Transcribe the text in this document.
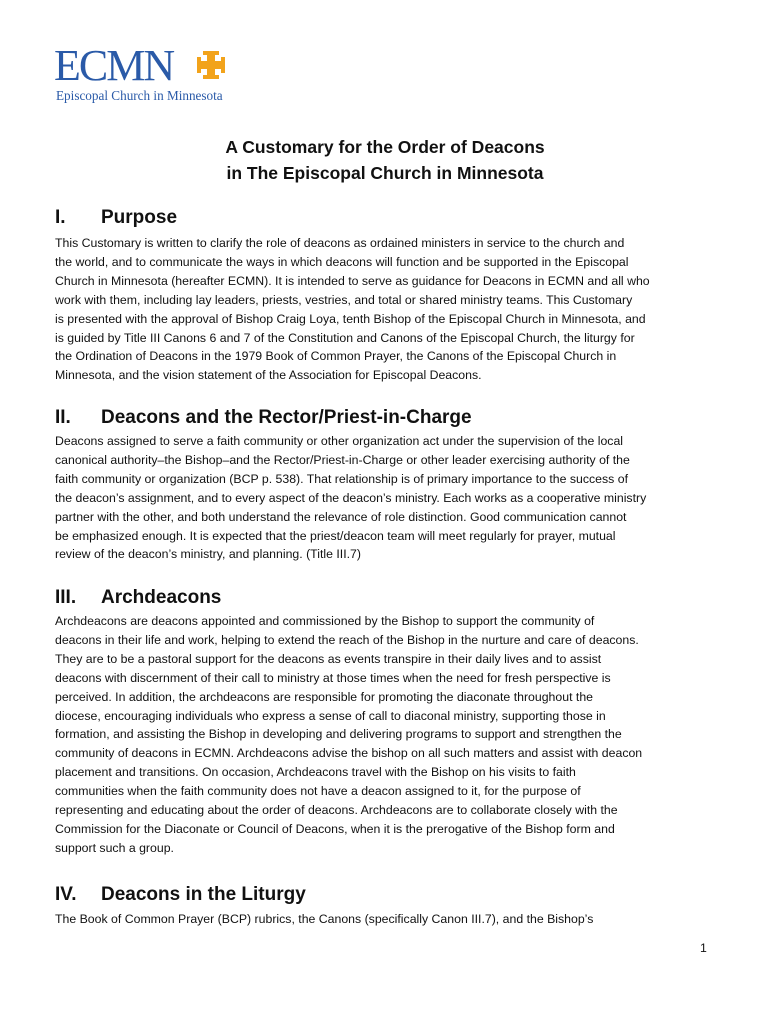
ECMN
Episcopal Church in Minnesota
A Customary for the Order of Deacons
in The Episcopal Church in Minnesota
I. Purpose
This Customary is written to clarify the role of deacons as ordained ministers in service to the church and
the world, and to communicate the ways in which deacons will function and be supported in the Episcopal
Church in Minnesota (hereafter ECMN). It is intended to serve as guidance for Deacons in ECMN and all who
work with them, including lay leaders, priests, vestries, and total or shared ministry teams. This Customary
is presented with the approval of Bishop Craig Loya, tenth Bishop of the Episcopal Church in Minnesota, and
is guided by Title III Canons 6 and 7 of the Constitution and Canons of the Episcopal Church, the liturgy for
the Ordination of Deacons in the 1979 Book of Common Prayer, the Canons of the Episcopal Church in
Minnesota, and the vision statement of the Association for Episcopal Deacons.
II. Deacons and the Rector/Priest-in-Charge
Deacons assigned to serve a faith community or other organization act under the supervision of the local
canonical authority–the Bishop–and the Rector/Priest-in-Charge or other leader exercising authority of the
faith community or organization (BCP p. 538). That relationship is of primary importance to the success of
the deacon’s assignment, and to every aspect of the deacon’s ministry. Each works as a cooperative ministry
partner with the other, and both understand the relevance of role distinction. Good communication cannot
be emphasized enough. It is expected that the priest/deacon team will meet regularly for prayer, mutual
review of the deacon’s ministry, and planning. (Title III.7)
III. Archdeacons
Archdeacons are deacons appointed and commissioned by the Bishop to support the community of
deacons in their life and work, helping to extend the reach of the Bishop in the nurture and care of deacons.
They are to be a pastoral support for the deacons as events transpire in their daily lives and to assist
deacons with discernment of their call to ministry at those times when the need for fresh perspective is
perceived. In addition, the archdeacons are responsible for promoting the diaconate throughout the
diocese, encouraging individuals who express a sense of call to diaconal ministry, supporting those in
formation, and assisting the Bishop in developing and delivering programs to support and strengthen the
community of deacons in ECMN. Archdeacons advise the bishop on all such matters and assist with deacon
placement and transitions. On occasion, Archdeacons travel with the Bishop on his visits to faith
communities when the faith community does not have a deacon assigned to it, for the purpose of
representing and educating about the order of deacons. Archdeacons are to collaborate closely with the
Commission for the Diaconate or Council of Deacons, when it is the prerogative of the Bishop form and
support such a group.
IV. Deacons in the Liturgy
The Book of Common Prayer (BCP) rubrics, the Canons (specifically Canon III.7), and the Bishop’s
1
